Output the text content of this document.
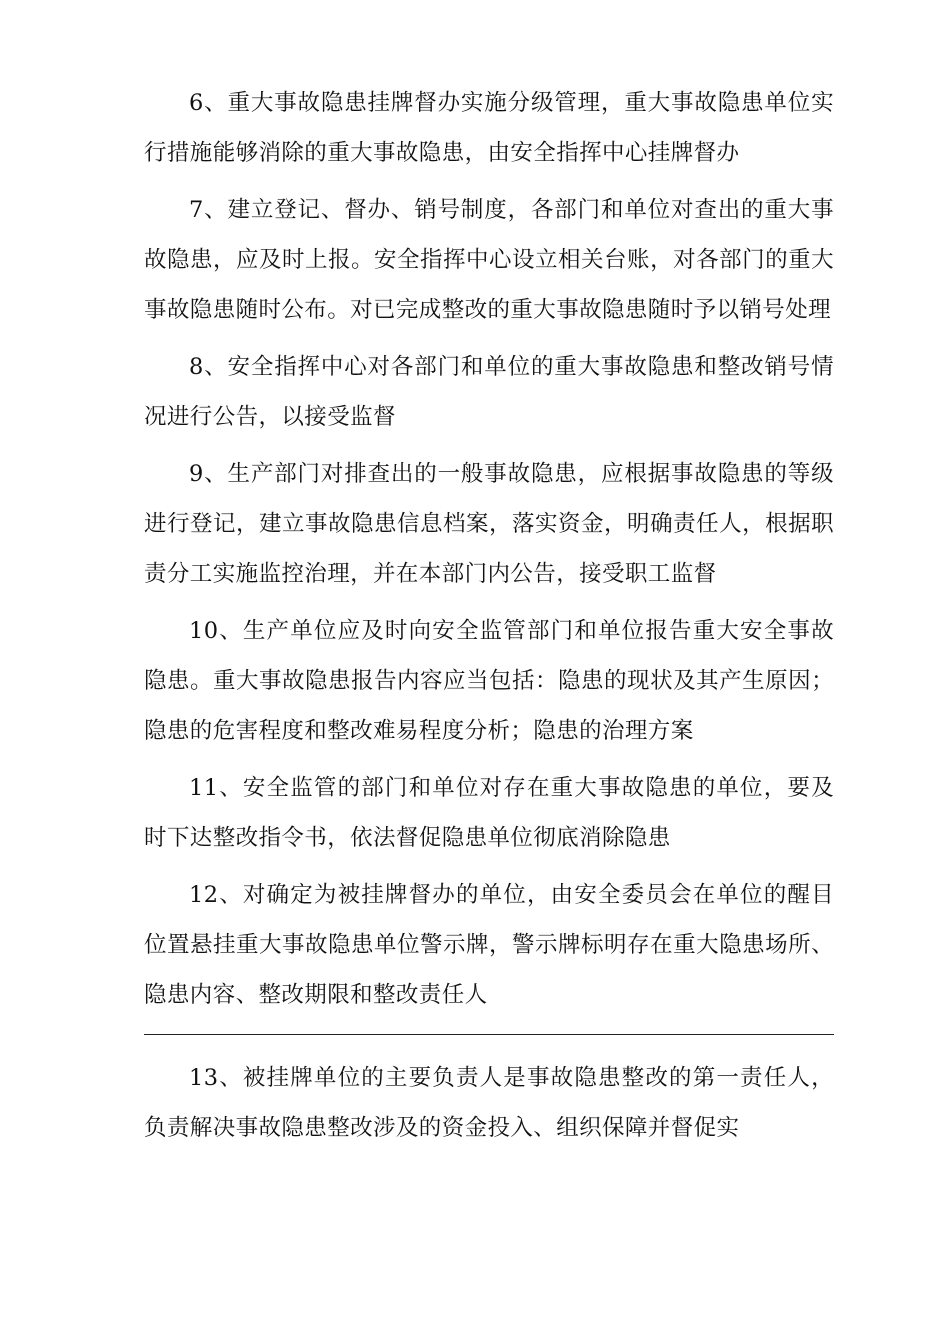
6、重大事故隐患挂牌督办实施分级管理，重大事故隐患单位实行措施能够消除的重大事故隐患，由安全指挥中心挂牌督办

7、建立登记、督办、销号制度，各部门和单位对查出的重大事故隐患，应及时上报。安全指挥中心设立相关台账，对各部门的重大事故隐患随时公布。对已完成整改的重大事故隐患随时予以销号处理

8、安全指挥中心对各部门和单位的重大事故隐患和整改销号情况进行公告，以接受监督

9、生产部门对排查出的一般事故隐患，应根据事故隐患的等级进行登记，建立事故隐患信息档案，落实资金，明确责任人，根据职责分工实施监控治理，并在本部门内公告，接受职工监督

10、生产单位应及时向安全监管部门和单位报告重大安全事故隐患。重大事故隐患报告内容应当包括：隐患的现状及其产生原因；隐患的危害程度和整改难易程度分析；隐患的治理方案

11、安全监管的部门和单位对存在重大事故隐患的单位，要及时下达整改指令书，依法督促隐患单位彻底消除隐患

12、对确定为被挂牌督办的单位，由安全委员会在单位的醒目位置悬挂重大事故隐患单位警示牌，警示牌标明存在重大隐患场所、隐患内容、整改期限和整改责任人

13、被挂牌单位的主要负责人是事故隐患整改的第一责任人，负责解决事故隐患整改涉及的资金投入、组织保障并督促实
